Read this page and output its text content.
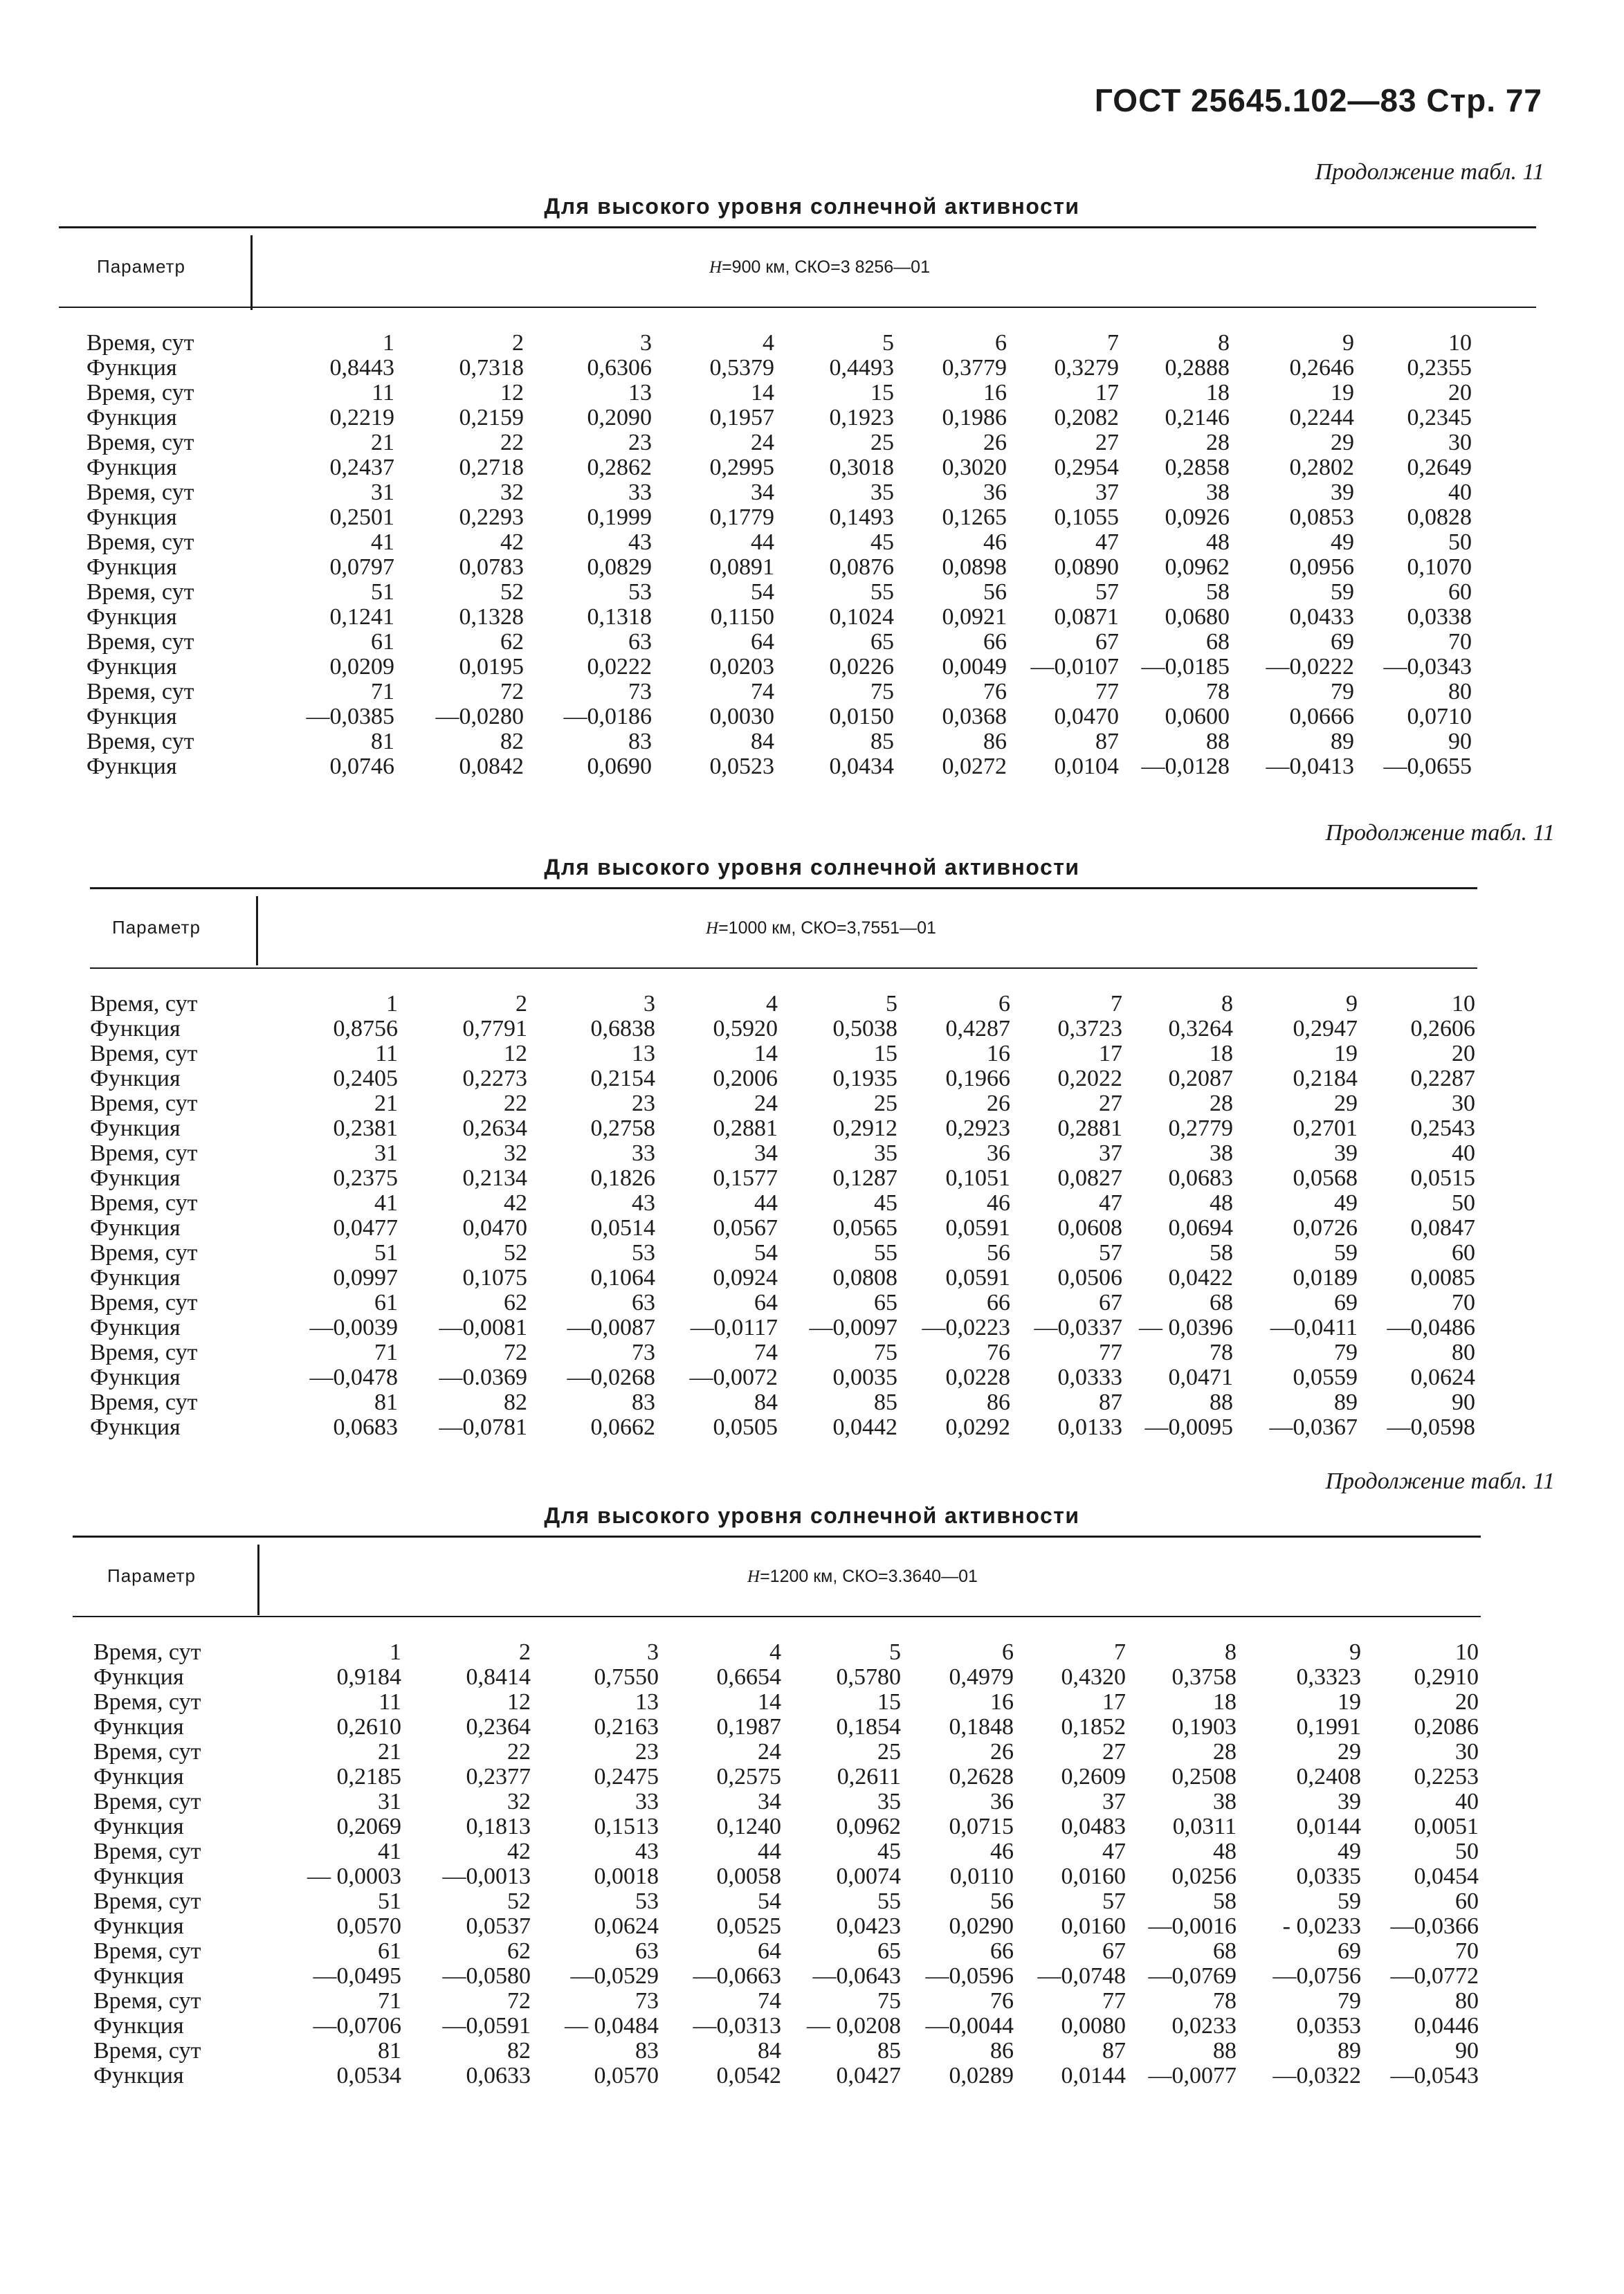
ГОСТ 25645.102—83 Стр. 77
Продолжение табл. 11
Для высокого уровня солнечной активности
Параметр	H=900 км, СКО=3 8256—01
Время, сут	1	2	3	4	5	6	7	8	9	10
Функция	0,8443	0,7318	0,6306	0,5379	0,4493	0,3779	0,3279	0,2888	0,2646	0,2355
Время, сут	11	12	13	14	15	16	17	18	19	20
Функция	0,2219	0,2159	0,2090	0,1957	0,1923	0,1986	0,2082	0,2146	0,2244	0,2345
Время, сут	21	22	23	24	25	26	27	28	29	30
Функция	0,2437	0,2718	0,2862	0,2995	0,3018	0,3020	0,2954	0,2858	0,2802	0,2649
Время, сут	31	32	33	34	35	36	37	38	39	40
Функция	0,2501	0,2293	0,1999	0,1779	0,1493	0,1265	0,1055	0,0926	0,0853	0,0828
Время, сут	41	42	43	44	45	46	47	48	49	50
Функция	0,0797	0,0783	0,0829	0,0891	0,0876	0,0898	0,0890	0,0962	0,0956	0,1070
Время, сут	51	52	53	54	55	56	57	58	59	60
Функция	0,1241	0,1328	0,1318	0,1150	0,1024	0,0921	0,0871	0,0680	0,0433	0,0338
Время, сут	61	62	63	64	65	66	67	68	69	70
Функция	0,0209	0,0195	0,0222	0,0203	0,0226	0,0049	—0,0107	—0,0185	—0,0222	—0,0343
Время, сут	71	72	73	74	75	76	77	78	79	80
Функция	—0,0385	—0,0280	—0,0186	0,0030	0,0150	0,0368	0,0470	0,0600	0,0666	0,0710
Время, сут	81	82	83	84	85	86	87	88	89	90
Функция	0,0746	0,0842	0,0690	0,0523	0,0434	0,0272	0,0104	—0,0128	—0,0413	—0,0655
Продолжение табл. 11
Для высокого уровня солнечной активности
Параметр	H=1000 км, СКО=3,7551—01
Время, сут	1	2	3	4	5	6	7	8	9	10
Функция	0,8756	0,7791	0,6838	0,5920	0,5038	0,4287	0,3723	0,3264	0,2947	0,2606
Время, сут	11	12	13	14	15	16	17	18	19	20
Функция	0,2405	0,2273	0,2154	0,2006	0,1935	0,1966	0,2022	0,2087	0,2184	0,2287
Время, сут	21	22	23	24	25	26	27	28	29	30
Функция	0,2381	0,2634	0,2758	0,2881	0,2912	0,2923	0,2881	0,2779	0,2701	0,2543
Время, сут	31	32	33	34	35	36	37	38	39	40
Функция	0,2375	0,2134	0,1826	0,1577	0,1287	0,1051	0,0827	0,0683	0,0568	0,0515
Время, сут	41	42	43	44	45	46	47	48	49	50
Функция	0,0477	0,0470	0,0514	0,0567	0,0565	0,0591	0,0608	0,0694	0,0726	0,0847
Время, сут	51	52	53	54	55	56	57	58	59	60
Функция	0,0997	0,1075	0,1064	0,0924	0,0808	0,0591	0,0506	0,0422	0,0189	0,0085
Время, сут	61	62	63	64	65	66	67	68	69	70
Функция	—0,0039	—0,0081	—0,0087	—0,0117	—0,0097	—0,0223	—0,0337	— 0,0396	—0,0411	—0,0486
Время, сут	71	72	73	74	75	76	77	78	79	80
Функция	—0,0478	—0.0369	—0,0268	—0,0072	0,0035	0,0228	0,0333	0,0471	0,0559	0,0624
Время, сут	81	82	83	84	85	86	87	88	89	90
Функция	0,0683	—0,0781	0,0662	0,0505	0,0442	0,0292	0,0133	—0,0095	—0,0367	—0,0598
Продолжение табл. 11
Для высокого уровня солнечной активности
Параметр	H=1200 км, СКО=3.3640—01
Время, сут	1	2	3	4	5	6	7	8	9	10
Функция	0,9184	0,8414	0,7550	0,6654	0,5780	0,4979	0,4320	0,3758	0,3323	0,2910
Время, сут	11	12	13	14	15	16	17	18	19	20
Функция	0,2610	0,2364	0,2163	0,1987	0,1854	0,1848	0,1852	0,1903	0,1991	0,2086
Время, сут	21	22	23	24	25	26	27	28	29	30
Функция	0,2185	0,2377	0,2475	0,2575	0,2611	0,2628	0,2609	0,2508	0,2408	0,2253
Время, сут	31	32	33	34	35	36	37	38	39	40
Функция	0,2069	0,1813	0,1513	0,1240	0,0962	0,0715	0,0483	0,0311	0,0144	0,0051
Время, сут	41	42	43	44	45	46	47	48	49	50
Функция	— 0,0003	—0,0013	0,0018	0,0058	0,0074	0,0110	0,0160	0,0256	0,0335	0,0454
Время, сут	51	52	53	54	55	56	57	58	59	60
Функция	0,0570	0,0537	0,0624	0,0525	0,0423	0,0290	0,0160	—0,0016	- 0,0233	—0,0366
Время, сут	61	62	63	64	65	66	67	68	69	70
Функция	—0,0495	—0,0580	—0,0529	—0,0663	—0,0643	—0,0596	—0,0748	—0,0769	—0,0756	—0,0772
Время, сут	71	72	73	74	75	76	77	78	79	80
Функция	—0,0706	—0,0591	— 0,0484	—0,0313	— 0,0208	—0,0044	0,0080	0,0233	0,0353	0,0446
Время, сут	81	82	83	84	85	86	87	88	89	90
Функция	0,0534	0,0633	0,0570	0,0542	0,0427	0,0289	0,0144	—0,0077	—0,0322	—0,0543
